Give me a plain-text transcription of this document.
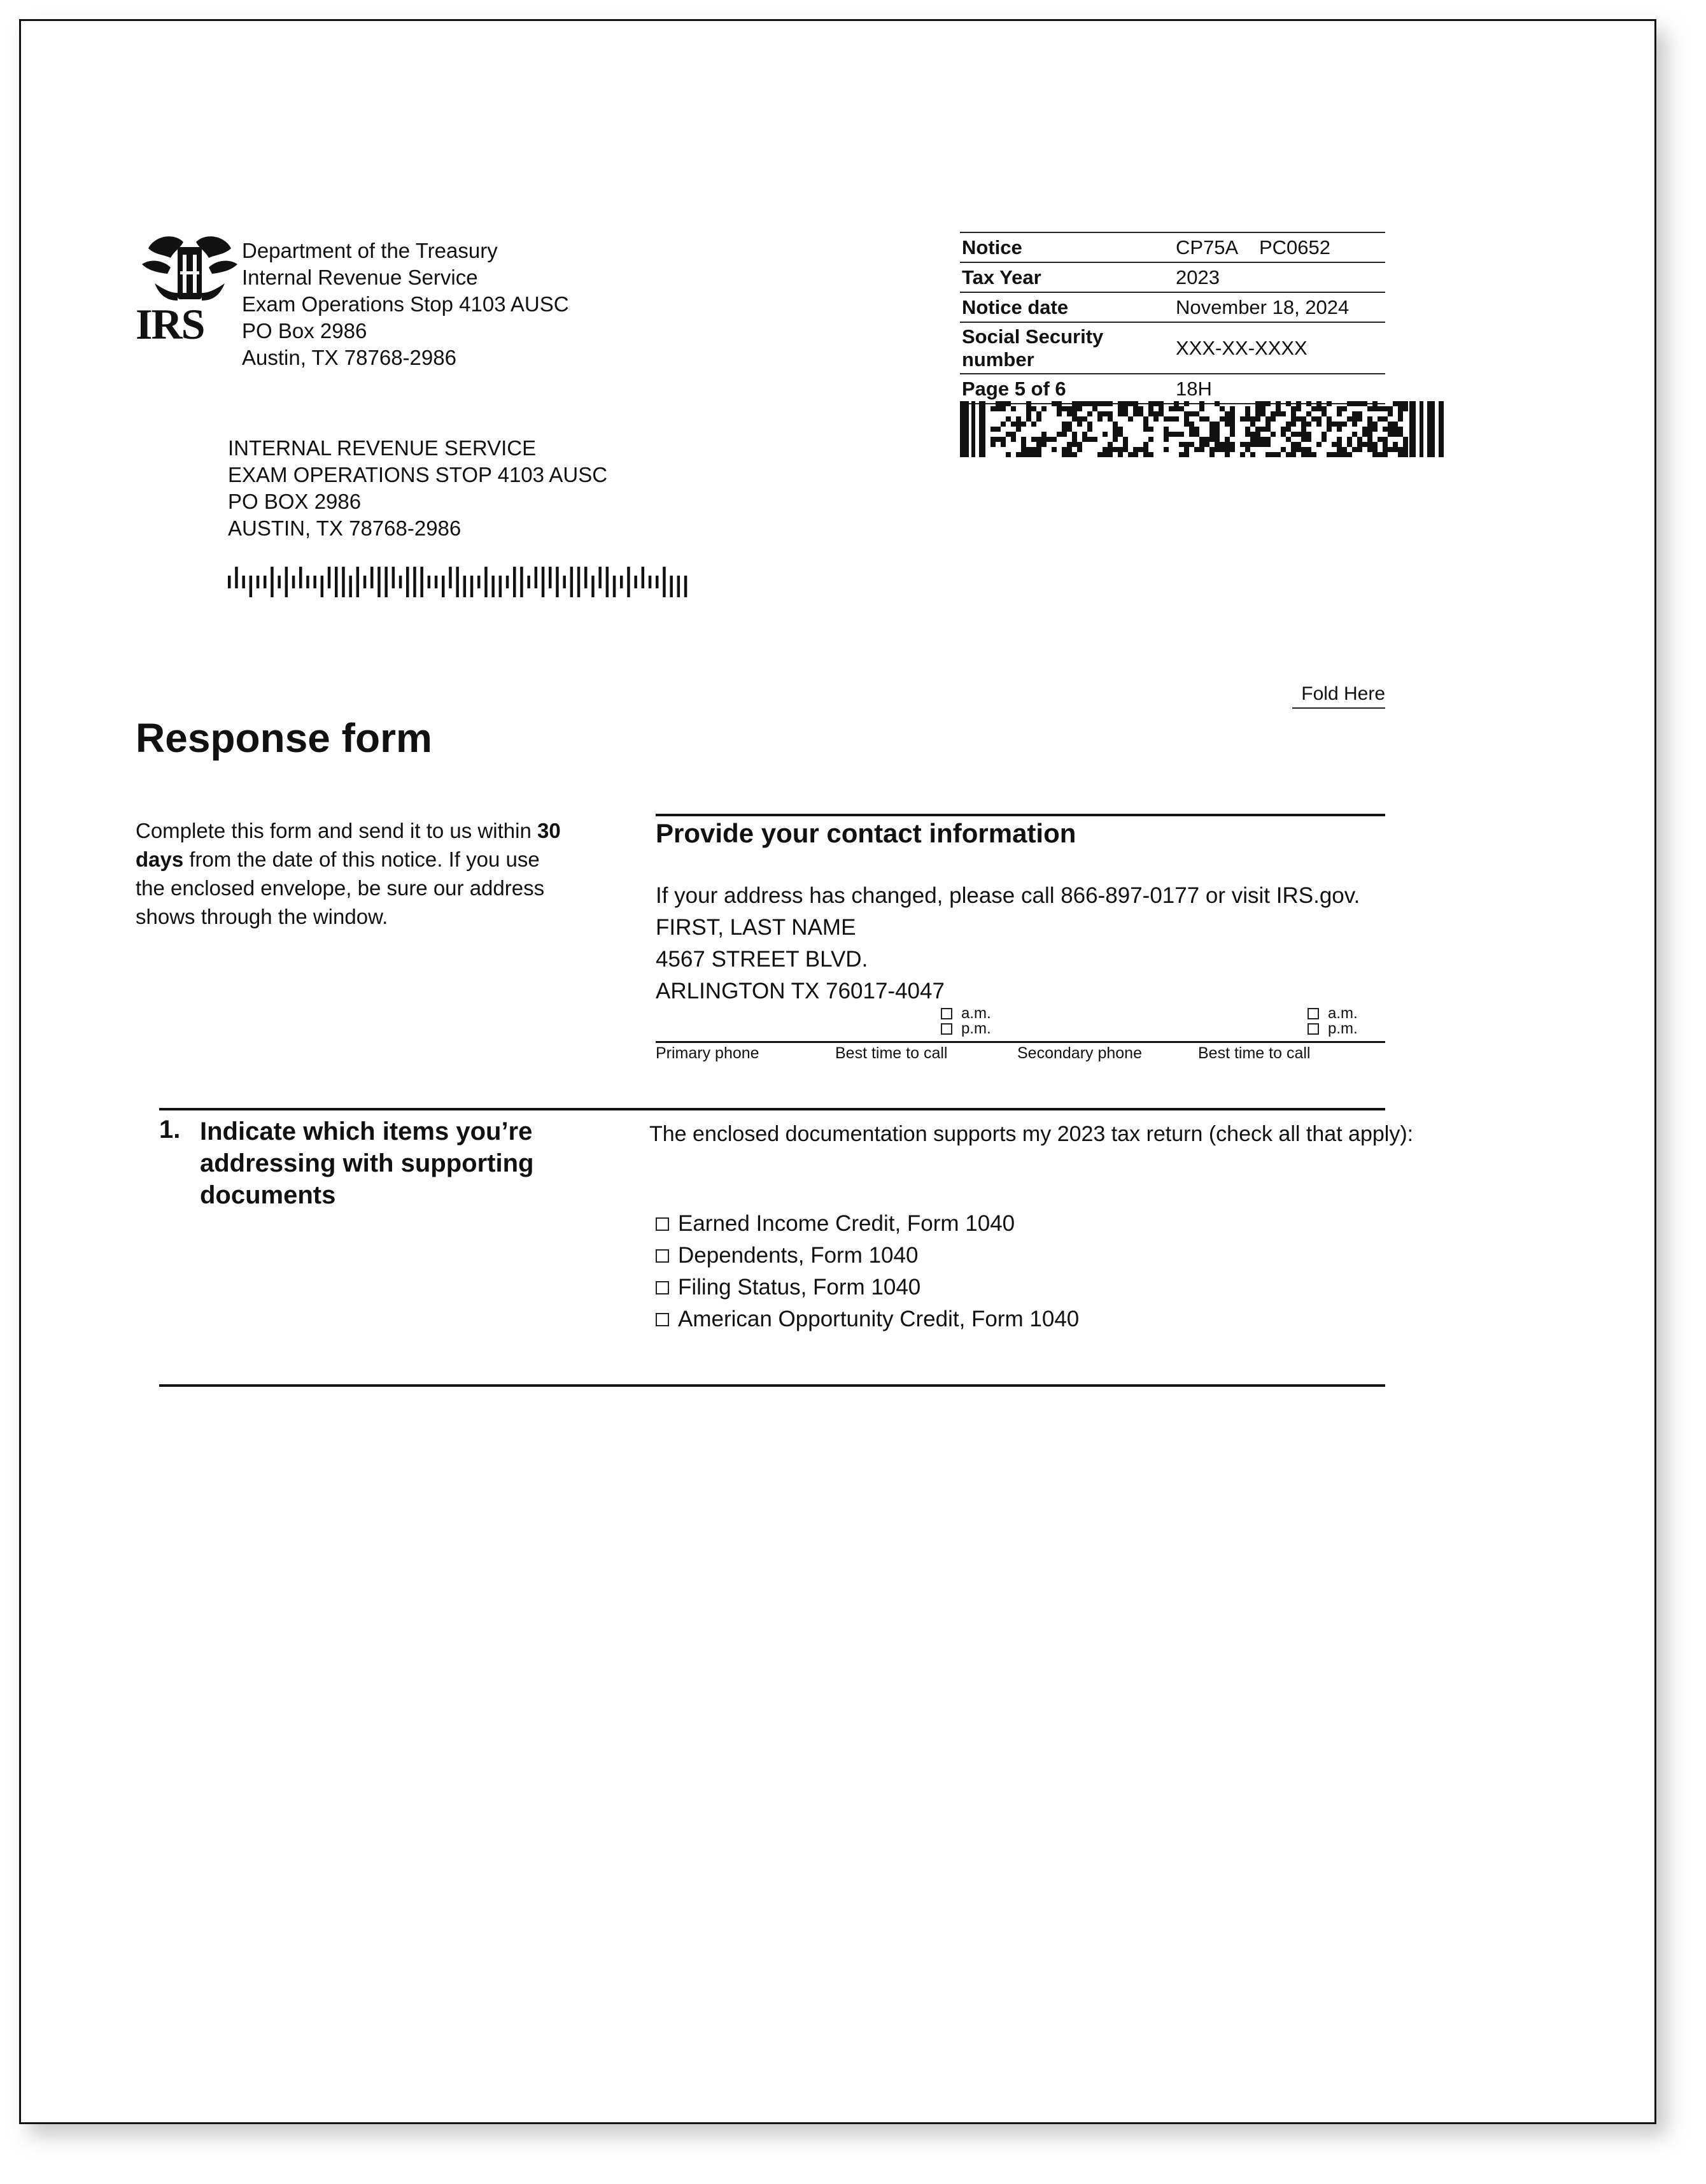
IRS
Department of the Treasury
Internal Revenue Service
Exam Operations Stop 4103 AUSC
PO Box 2986
Austin, TX 78768-2986
Notice	CP75A    PC0652
Tax Year	2023
Notice date	November 18, 2024
Social Security number	XXX-XX-XXXX
Page 5 of 6	18H
INTERNAL REVENUE SERVICE
EXAM OPERATIONS STOP 4103 AUSC
PO BOX 2986
AUSTIN, TX 78768-2986
Fold Here
Response form
Complete this form and send it to us within 30 days from the date of this notice. If you use the enclosed envelope, be sure our address shows through the window.
Provide your contact information
If your address has changed, please call 866-897-0177 or visit IRS.gov.
FIRST, LAST NAME
4567 STREET BLVD.
ARLINGTON TX 76017-4047
a.m.
p.m.
a.m.
p.m.
Primary phone	Best time to call	Secondary phone	Best time to call
1. Indicate which items you’re addressing with supporting documents
The enclosed documentation supports my 2023 tax return (check all that apply):
Earned Income Credit, Form 1040
Dependents, Form 1040
Filing Status, Form 1040
American Opportunity Credit, Form 1040
